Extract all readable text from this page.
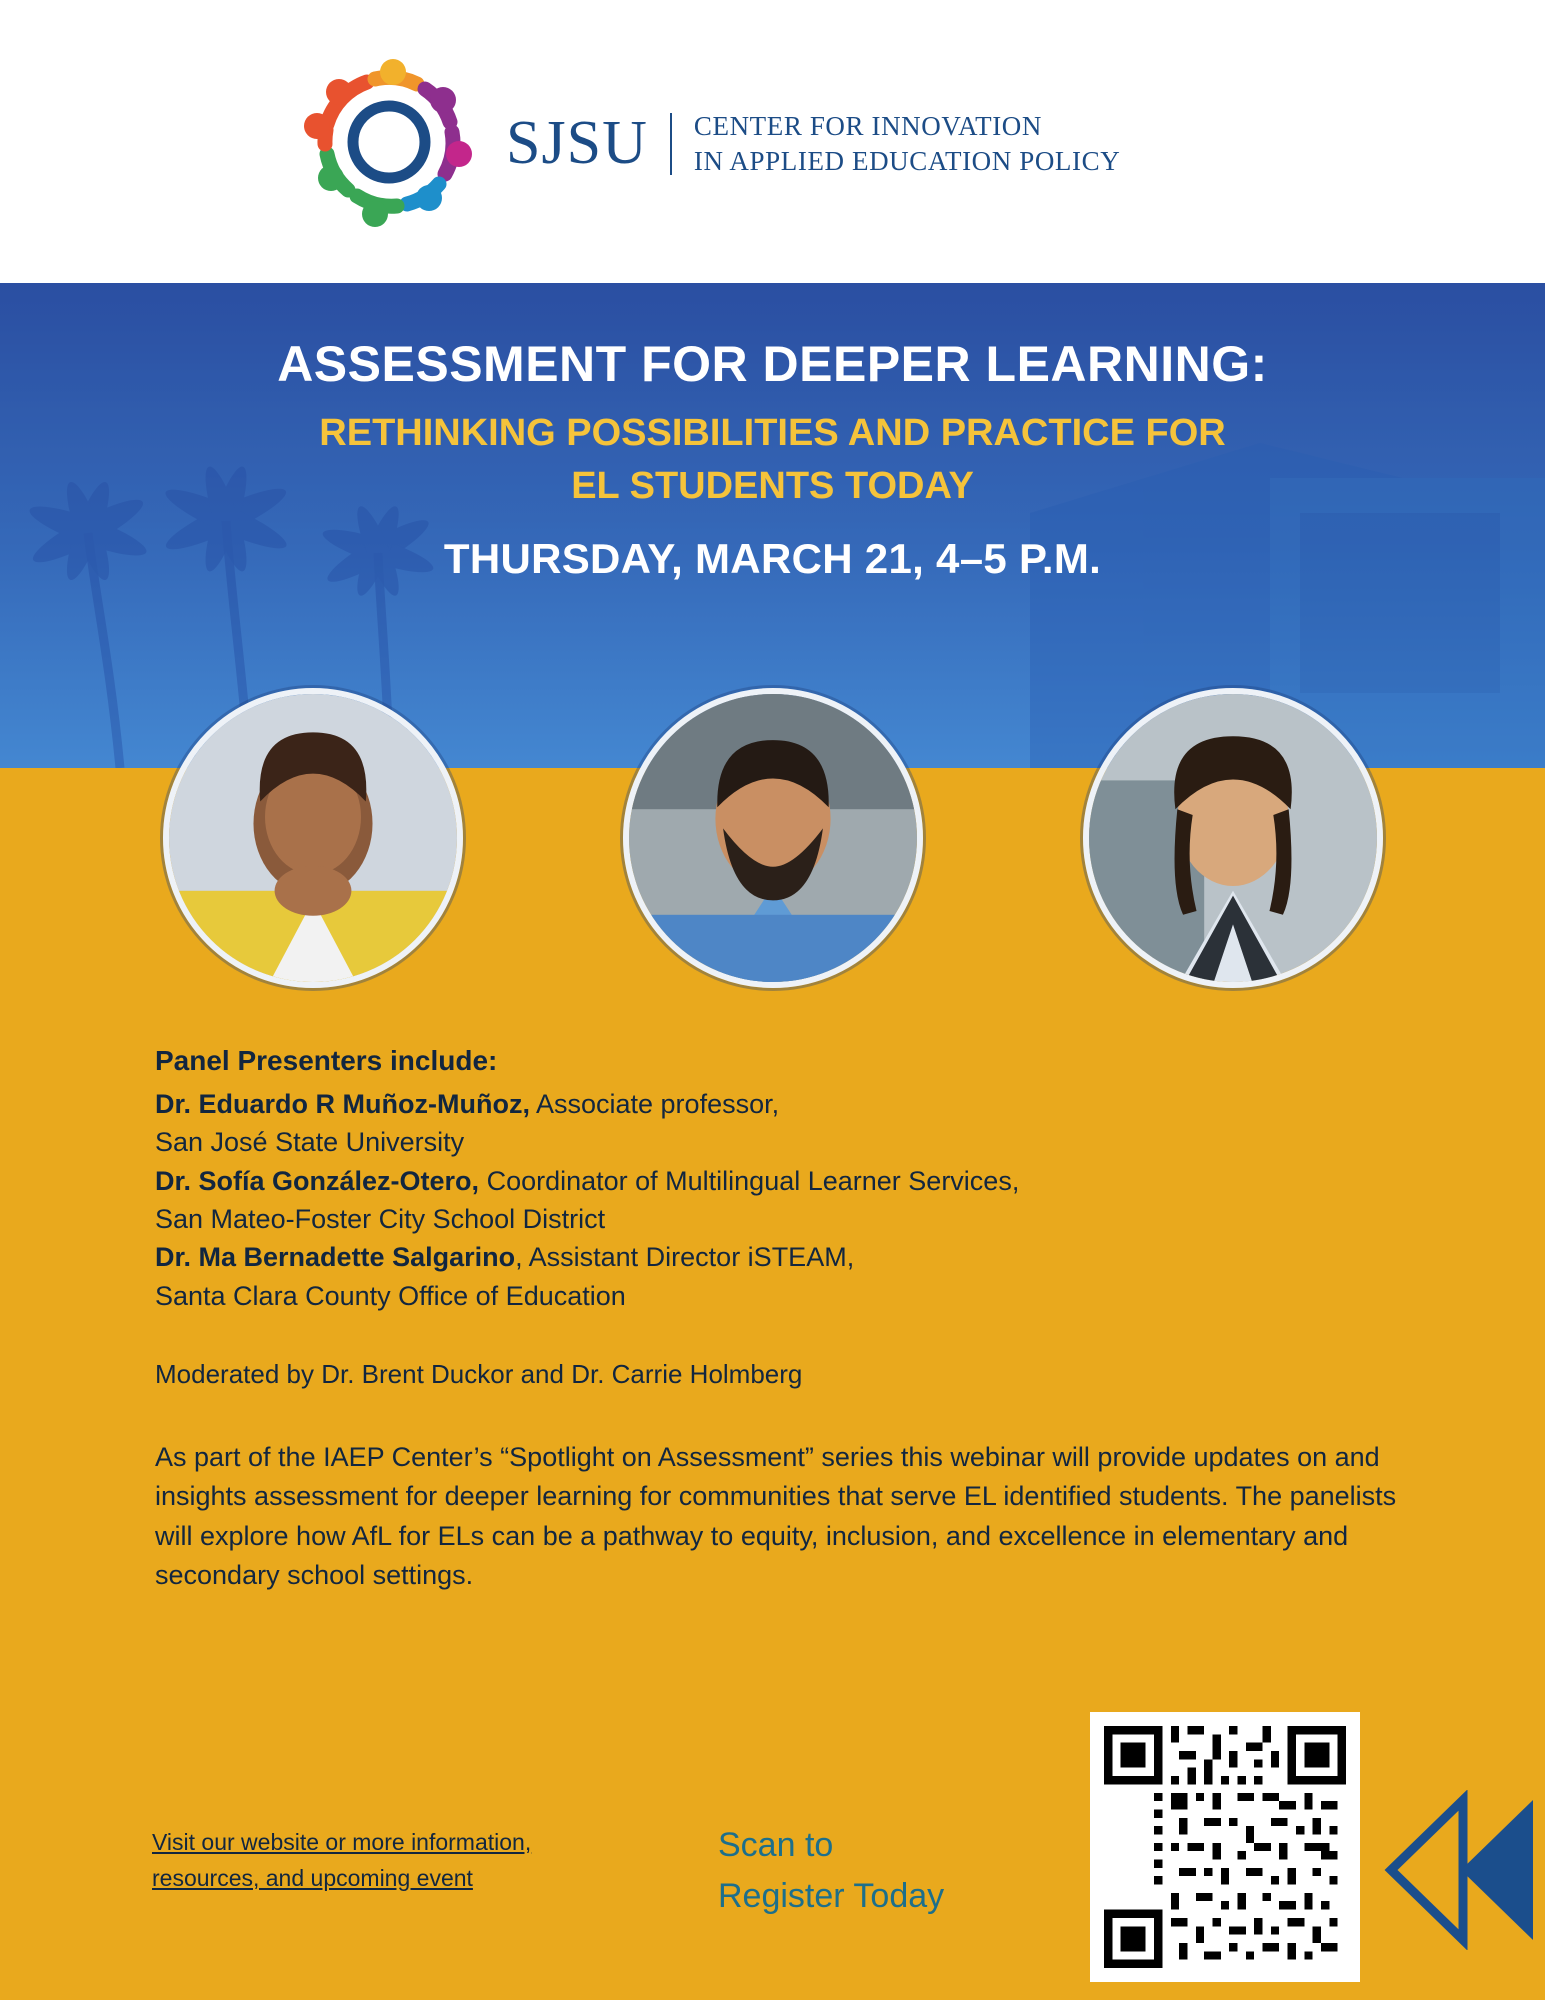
SJSU CENTER FOR INNOVATION
IN APPLIED EDUCATION POLICY
ASSESSMENT FOR DEEPER LEARNING:
RETHINKING POSSIBILITIES AND PRACTICE FOR
EL STUDENTS TODAY
THURSDAY, MARCH 21, 4–5 P.M.
Panel Presenters include:
Dr. Eduardo R Muñoz-Muñoz, Associate professor,
San José State University
Dr. Sofía González-Otero, Coordinator of Multilingual Learner Services,
San Mateo-Foster City School District
Dr. Ma Bernadette Salgarino, Assistant Director iSTEAM,
Santa Clara County Office of Education
Moderated by Dr. Brent Duckor and Dr. Carrie Holmberg
As part of the IAEP Center’s “Spotlight on Assessment” series this webinar will provide updates on and insights assessment for deeper learning for communities that serve EL identified students. The panelists will explore how AfL for ELs can be a pathway to equity, inclusion, and excellence in elementary and secondary school settings.
Visit our website or more information,
resources, and upcoming event
Scan to
Register Today
